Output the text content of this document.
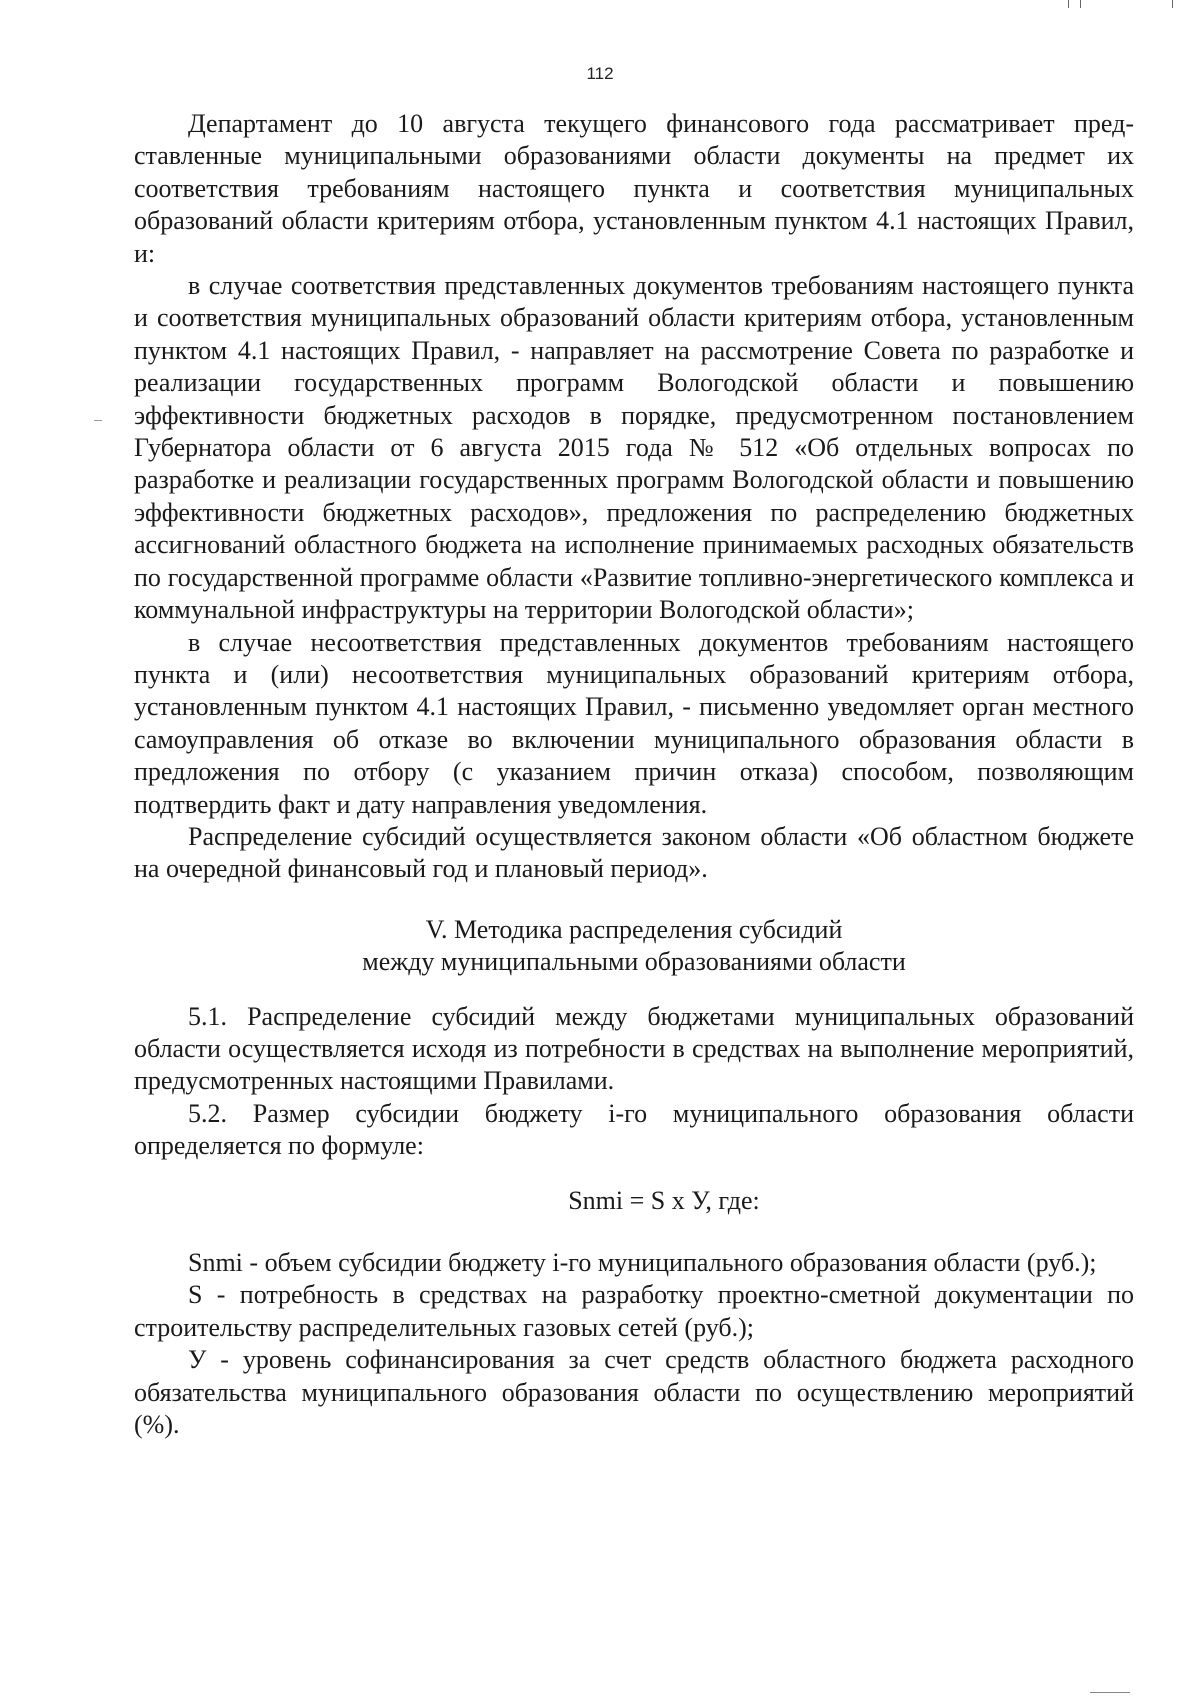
112

Департамент до 10 августа текущего финансового года рассматривает представленные муниципальными образованиями области документы на предмет их соответствия требованиям настоящего пункта и соответствия муниципальных образований области критериям отбора, установленным пунктом 4.1 настоящих Правил, и:

в случае соответствия представленных документов требованиям настоящего пункта и соответствия муниципальных образований области критериям отбора, установленным пунктом 4.1 настоящих Правил, - направляет на рассмотрение Совета по разработке и реализации государственных программ Вологодской области и повышению эффективности бюджетных расходов в порядке, предусмотренном постановлением Губернатора области от 6 августа 2015 года № 512 «Об отдельных вопросах по разработке и реализации государственных программ Вологодской области и повышению эффективности бюджетных расходов», предложения по распределению бюджетных ассигнований областного бюджета на исполнение принимаемых расходных обязательств по государственной программе области «Развитие топливно-энергетического комплекса и коммунальной инфраструктуры на территории Вологодской области»;

в случае несоответствия представленных документов требованиям настоящего пункта и (или) несоответствия муниципальных образований критериям отбора, установленным пунктом 4.1 настоящих Правил, - письменно уведомляет орган местного самоуправления об отказе во включении муниципального образования области в предложения по отбору (с указанием причин отказа) способом, позволяющим подтвердить факт и дату направления уведомления.

Распределение субсидий осуществляется законом области «Об областном бюджете на очередной финансовый год и плановый период».

V. Методика распределения субсидий
между муниципальными образованиями области

5.1. Распределение субсидий между бюджетами муниципальных образований области осуществляется исходя из потребности в средствах на выполнение мероприятий, предусмотренных настоящими Правилами.

5.2. Размер субсидии бюджету i-го муниципального образования области определяется по формуле:

Snmi = S x У, где:

Snmi - объем субсидии бюджету i-го муниципального образования области (руб.);

S - потребность в средствах на разработку проектно-сметной документации по строительству распределительных газовых сетей (руб.);

У - уровень софинансирования за счет средств областного бюджета расходного обязательства муниципального образования области по осуществлению мероприятий (%).
